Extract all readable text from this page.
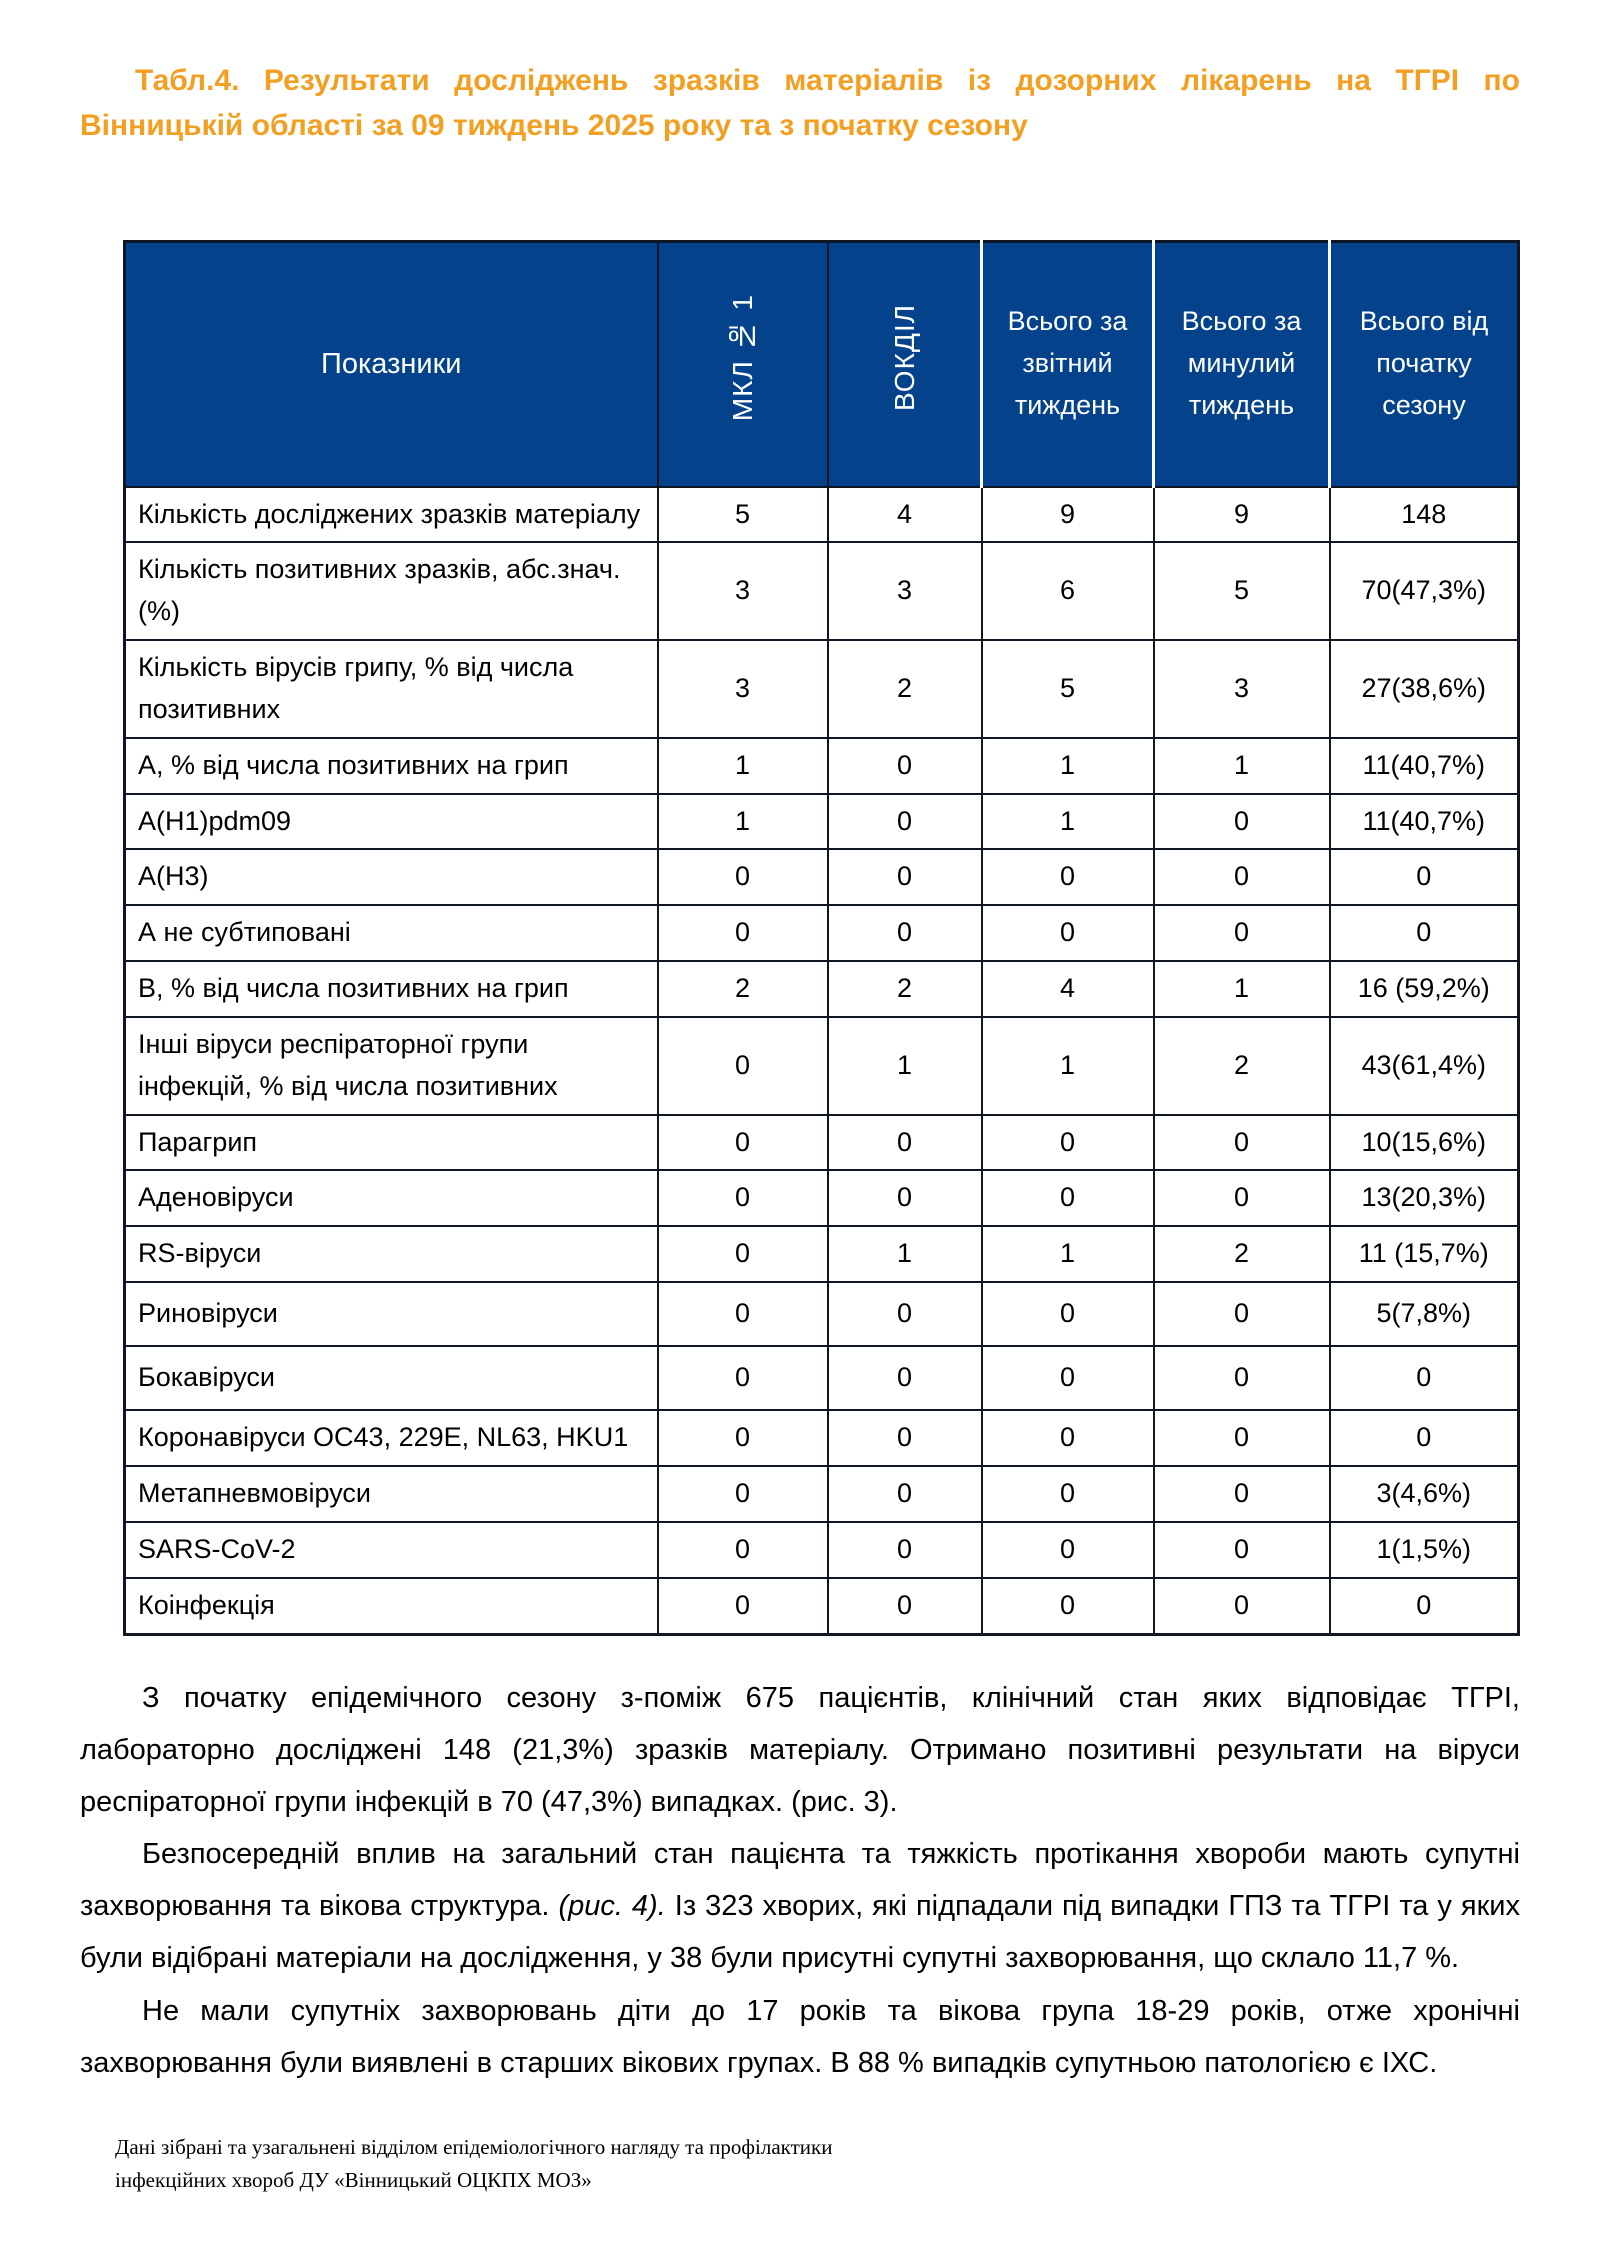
Табл.4. Результати досліджень зразків матеріалів із дозорних лікарень на ТГРІ по Вінницькій області за 09 тиждень 2025 року та з початку сезону

Показники	МКЛ № 1	ВОКДІЛ	Всього за звітний тиждень	Всього за минулий тиждень	Всього від початку сезону
Кількість досліджених зразків матеріалу	5	4	9	9	148
Кількість позитивних зразків, абс.знач. (%)	3	3	6	5	70(47,3%)
Кількість вірусів грипу, % від числа позитивних	3	2	5	3	27(38,6%)
А, % від числа позитивних на грип	1	0	1	1	11(40,7%)
A(H1)pdm09	1	0	1	0	11(40,7%)
A(H3)	0	0	0	0	0
А не субтиповані	0	0	0	0	0
В, % від числа позитивних на грип	2	2	4	1	16 (59,2%)
Інші віруси респіраторної групи інфекцій, % від числа позитивних	0	1	1	2	43(61,4%)
Парагрип	0	0	0	0	10(15,6%)
Аденовіруси	0	0	0	0	13(20,3%)
RS-віруси	0	1	1	2	11 (15,7%)
Риновіруси	0	0	0	0	5(7,8%)
Бокавіруси	0	0	0	0	0
Коронавіруси ОС43, 229Е, NL63, HKU1	0	0	0	0	0
Метапневмовіруси	0	0	0	0	3(4,6%)
SARS-CoV-2	0	0	0	0	1(1,5%)
Коінфекція	0	0	0	0	0

З початку епідемічного сезону з-поміж 675 пацієнтів, клінічний стан яких відповідає ТГРІ, лабораторно досліджені 148 (21,3%) зразків матеріалу. Отримано позитивні результати на віруси респіраторної групи інфекцій в 70 (47,3%) випадках. (рис. 3).

Безпосередній вплив на загальний стан пацієнта та тяжкість протікання хвороби мають супутні захворювання та вікова структура. (рис. 4). Із 323 хворих, які підпадали під випадки ГПЗ та ТГРІ та у яких були відібрані матеріали на дослідження, у 38 були присутні супутні захворювання, що склало 11,7 %.

Не мали супутніх захворювань діти до 17 років та вікова група 18-29 років, отже хронічні захворювання були виявлені в старших вікових групах. В 88 % випадків супутньою патологією є ІХС.

Дані зібрані та узагальнені відділом епідеміологічного нагляду та профілактики
інфекційних хвороб ДУ «Вінницький ОЦКПХ МОЗ»
